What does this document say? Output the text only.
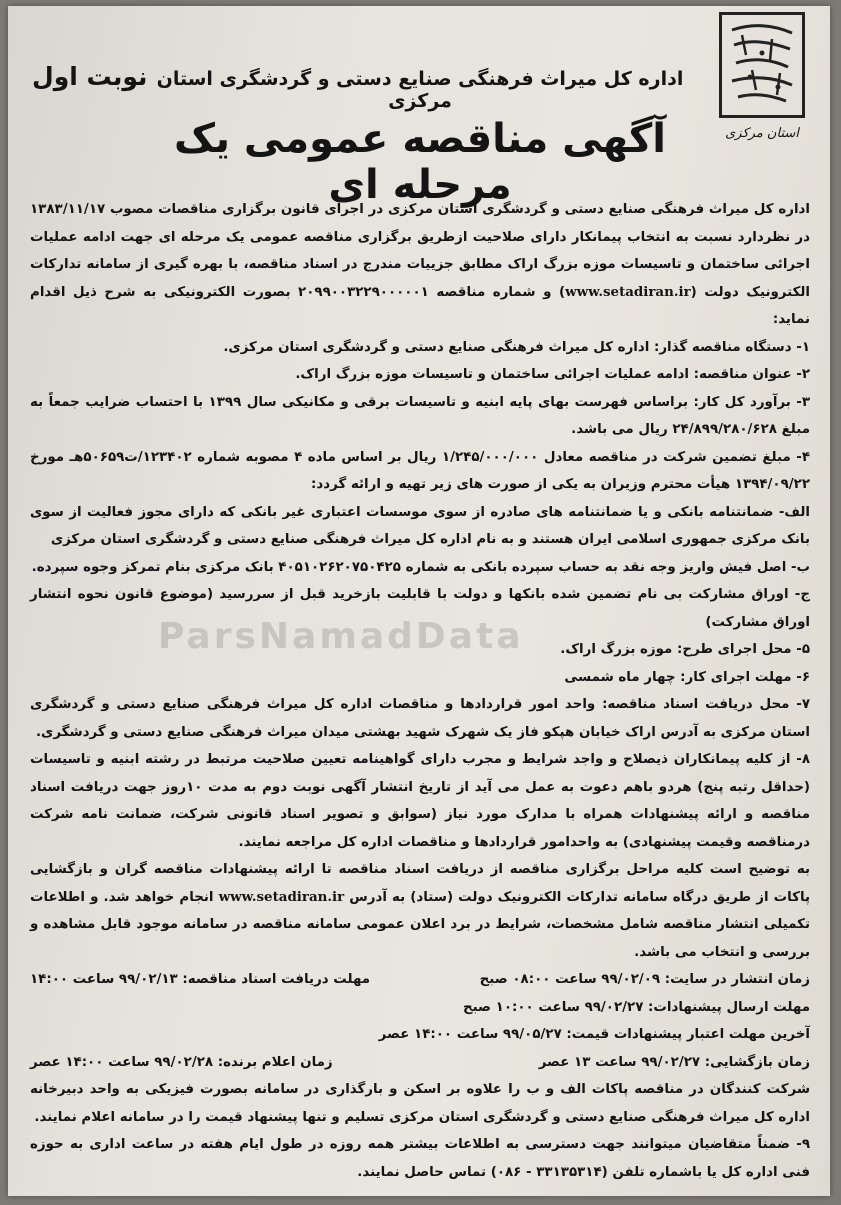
استان مرکزی
نوبت اول اداره کل میراث فرهنگی صنایع دستی و گردشگری استان مرکزی
آگهی مناقصه عمومی یک مرحله ای

اداره کل میراث فرهنگی صنایع دستی و گردشگری استان مرکزی در اجرای قانون برگزاری مناقصات مصوب ۱۳۸۳/۱۱/۱۷ در نظردارد نسبت به انتخاب پیمانکار دارای صلاحیت ازطریق برگزاری مناقصه عمومی یک مرحله ای جهت ادامه عملیات اجرائی ساختمان و تاسیسات موزه بزرگ اراک مطابق جزییات مندرج در اسناد مناقصه، با بهره گیری از سامانه تدارکات الکترونیک دولت (www.setadiran.ir) و شماره مناقصه ۲۰۹۹۰۰۳۲۲۹۰۰۰۰۰۱ بصورت الکترونیکی به شرح ذیل اقدام نماید:

۱- دستگاه مناقصه گذار: اداره کل میراث فرهنگی صنایع دستی و گردشگری استان مرکزی.

۲- عنوان مناقصه: ادامه عملیات اجرائی ساختمان و تاسیسات موزه بزرگ اراک.

۳- برآورد کل کار: براساس فهرست بهای پایه ابنیه و تاسیسات برقی و مکانیکی سال ۱۳۹۹ با احتساب ضرایب جمعاً به مبلغ ۲۴/۸۹۹/۲۸۰/۶۲۸ ریال می باشد.

۴- مبلغ تضمین شرکت در مناقصه معادل ۱/۲۴۵/۰۰۰/۰۰۰ ریال بر اساس ماده ۴ مصوبه شماره ۱۲۳۴۰۲/ت۵۰۶۵۹هـ مورخ ۱۳۹۴/۰۹/۲۲ هیأت محترم وزیران به یکی از صورت های زیر تهیه و ارائه گردد:

الف- ضمانتنامه بانکی و یا ضمانتنامه های صادره از سوی موسسات اعتباری غیر بانکی که دارای مجوز فعالیت از سوی بانک مرکزی جمهوری اسلامی ایران هستند و به نام اداره کل میراث فرهنگی صنایع دستی و گردشگری استان مرکزی

ب- اصل فیش واریز وجه نقد به حساب سپرده بانکی به شماره ۴۰۵۱۰۲۶۲۰۷۵۰۴۲۵ بانک مرکزی بنام تمرکز وجوه سپرده.

ج- اوراق مشارکت بی نام تضمین شده بانکها و دولت با قابلیت بازخرید قبل از سررسید (موضوع قانون نحوه انتشار اوراق مشارکت)

۵- محل اجرای طرح: موزه بزرگ اراک.

۶- مهلت اجرای کار: چهار ماه شمسی

۷- محل دریافت اسناد مناقصه: واحد امور قراردادها و مناقصات اداره کل میراث فرهنگی صنایع دستی و گردشگری استان مرکزی به آدرس اراک خیابان هپکو فاز یک شهرک شهید بهشتی میدان میراث فرهنگی صنایع دستی و گردشگری.

۸- از کلیه پیمانکاران ذیصلاح و واجد شرایط و مجرب دارای گواهینامه تعیین صلاحیت مرتبط در رشته ابنیه و تاسیسات (حداقل رتبه پنج) هردو باهم دعوت به عمل می آید از تاریخ انتشار آگهی نوبت دوم به مدت ۱۰روز جهت دریافت اسناد مناقصه و ارائه پیشنهادات همراه با مدارک مورد نیاز (سوابق و تصویر اسناد قانونی شرکت، ضمانت نامه شرکت درمناقصه وقیمت پیشنهادی) به واحدامور قراردادها و مناقصات اداره کل مراجعه نمایند.

به توضیح است کلیه مراحل برگزاری مناقصه از دریافت اسناد مناقصه تا ارائه پیشنهادات مناقصه گران و بازگشایی پاکات از طریق درگاه سامانه تدارکات الکترونیک دولت (ستاد) به آدرس www.setadiran.ir انجام خواهد شد. و اطلاعات تکمیلی انتشار مناقصه شامل مشخصات، شرایط در برد اعلان عمومی سامانه مناقصه در سامانه موجود قابل مشاهده و بررسی و انتخاب می باشد.

زمان انتشار در سایت: ۹۹/۰۲/۰۹ ساعت ۰۸:۰۰ صبح
مهلت دریافت اسناد مناقصه: ۹۹/۰۲/۱۳ ساعت ۱۴:۰۰

مهلت ارسال پیشنهادات: ۹۹/۰۲/۲۷ ساعت ۱۰:۰۰ صبح

آخرین مهلت اعتبار پیشنهادات قیمت: ۹۹/۰۵/۲۷ ساعت ۱۴:۰۰ عصر

زمان بازگشایی: ۹۹/۰۲/۲۷ ساعت ۱۳ عصر
زمان اعلام برنده: ۹۹/۰۲/۲۸ ساعت ۱۴:۰۰ عصر

شرکت کنندگان در مناقصه پاکات الف و ب را علاوه بر اسکن و بارگذاری در سامانه بصورت فیزیکی به واحد دبیرخانه اداره کل میراث فرهنگی صنایع دستی و گردشگری استان مرکزی تسلیم و تنها پیشنهاد قیمت را در سامانه اعلام نمایند.

۹- ضمناً متقاضیان میتوانند جهت دسترسی به اطلاعات بیشتر همه روزه در طول ایام هفته در ساعت اداری به حوزه فنی اداره کل یا باشماره تلفن (۳۳۱۳۵۳۱۴ - ۰۸۶) تماس حاصل نمایند.

ParsNamadData
